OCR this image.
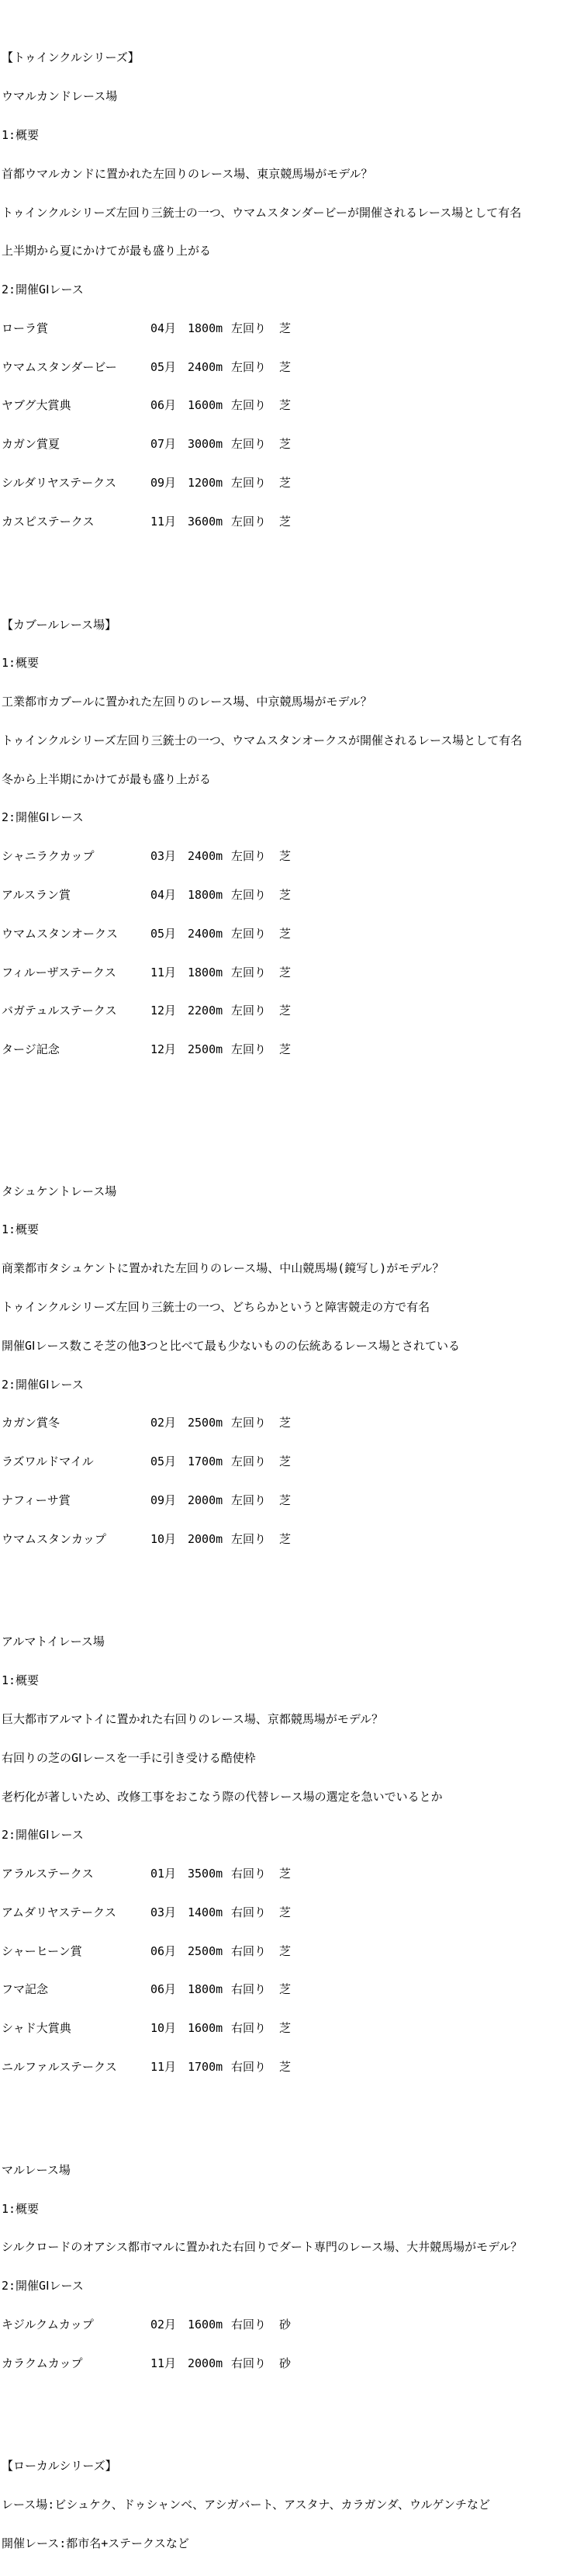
【トゥインクルシリーズ】

ウマルカンドレース場

1:概要

首都ウマルカンドに置かれた左回りのレース場、東京競馬場がモデル？

トゥインクルシリーズ左回り三銃士の一つ、ウマムスタンダービーが開催されるレース場として有名

上半期から夏にかけてが最も盛り上がる

2:開催GⅠレース

ローラ賞	04月 1800m 左回り	芝

ウマムスタンダービー	05月 2400m 左回り	芝

ヤブグ大賞典	06月 1600m 左回り	芝

カガン賞夏	07月 3000m 左回り	芝

シルダリヤステークス	09月 1200m 左回り	芝

カスピステークス	11月 3600m 左回り	芝

【カブールレース場】

1:概要

工業都市カブールに置かれた左回りのレース場、中京競馬場がモデル？

トゥインクルシリーズ左回り三銃士の一つ、ウマムスタンオークスが開催されるレース場として有名

冬から上半期にかけてが最も盛り上がる

2:開催GⅠレース

シャニラクカップ	03月 2400m 左回り	芝

アルスラン賞	04月 1800m 左回り	芝

ウマムスタンオークス	05月 2400m 左回り	芝

フィルーザステークス	11月 1800m 左回り	芝

バガテュルステークス	12月 2200m 左回り	芝

タージ記念	12月 2500m 左回り	芝

タシュケントレース場

1:概要

商業都市タシュケントに置かれた左回りのレース場、中山競馬場(鏡写し)がモデル？

トゥインクルシリーズ左回り三銃士の一つ、どちらかというと障害競走の方で有名

開催GⅠレース数こそ芝の他3つと比べて最も少ないものの伝統あるレース場とされている

2:開催GⅠレース

カガン賞冬	02月 2500m 左回り	芝

ラズワルドマイル	05月 1700m 左回り	芝

ナフィーサ賞	09月 2000m 左回り	芝

ウマムスタンカップ	10月 2000m 左回り	芝

アルマトイレース場

1:概要

巨大都市アルマトイに置かれた右回りのレース場、京都競馬場がモデル？

右回りの芝のGⅠレースを一手に引き受ける酷使枠

老朽化が著しいため、改修工事をおこなう際の代替レース場の選定を急いでいるとか

2:開催GⅠレース

アラルステークス	01月 3500m 右回り	芝

アムダリヤステークス	03月 1400m 右回り	芝

シャーヒーン賞	06月 2500m 右回り	芝

フマ記念	06月 1800m 右回り	芝

シャド大賞典	10月 1600m 右回り	芝

ニルファルステークス	11月 1700m 右回り	芝

マルレース場

1:概要

シルクロードのオアシス都市マルに置かれた右回りでダート専門のレース場、大井競馬場がモデル？

2:開催GⅠレース

キジルクムカップ	02月 1600m 右回り	砂

カラクムカップ	11月 2000m 右回り	砂

【ローカルシリーズ】

レース場:ビシュケク、ドゥシャンベ、アシガバート、アスタナ、カラガンダ、ウルゲンチなど

開催レース:都市名+ステークスなど
